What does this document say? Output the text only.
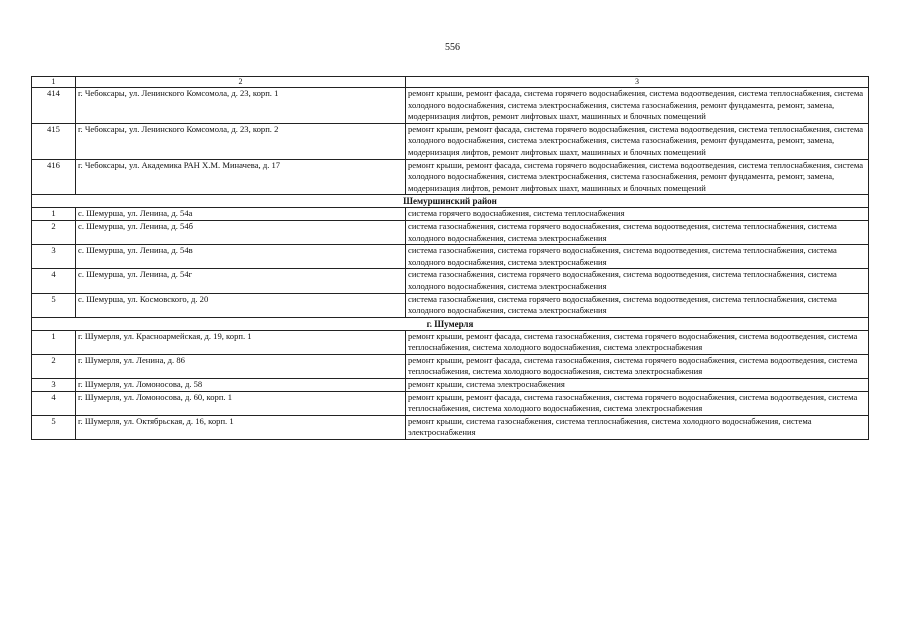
556
1	2	3
414	г. Чебоксары, ул. Ленинского Комсомола, д. 23, корп. 1	ремонт крыши, ремонт фасада, система горячего водоснабжения, система водоотведения, система теплоснабжения, система холодного водоснабжения, система электроснабжения, система газоснабжения, ремонт фундамента, ремонт, замена, модернизация лифтов, ремонт лифтовых шахт, машинных и блочных помещений
415	г. Чебоксары, ул. Ленинского Комсомола, д. 23, корп. 2	ремонт крыши, ремонт фасада, система горячего водоснабжения, система водоотведения, система теплоснабжения, система холодного водоснабжения, система электроснабжения, система газоснабжения, ремонт фундамента, ремонт, замена, модернизация лифтов, ремонт лифтовых шахт, машинных и блочных помещений
416	г. Чебоксары, ул. Академика РАН Х.М. Миначева, д. 17	ремонт крыши, ремонт фасада, система горячего водоснабжения, система водоотведения, система теплоснабжения, система холодного водоснабжения, система электроснабжения, система газоснабжения, ремонт фундамента, ремонт, замена, модернизация лифтов, ремонт лифтовых шахт, машинных и блочных помещений
Шемуршинский район		
1	с. Шемурша, ул. Ленина, д. 54а	система горячего водоснабжения, система теплоснабжения
2	с. Шемурша, ул. Ленина, д. 54б	система газоснабжения, система горячего водоснабжения, система водоотведения, система теплоснабжения, система холодного водоснабжения, система электроснабжения
3	с. Шемурша, ул. Ленина, д. 54в	система газоснабжения, система горячего водоснабжения, система водоотведения, система теплоснабжения, система холодного водоснабжения, система электроснабжения
4	с. Шемурша, ул. Ленина, д. 54г	система газоснабжения, система горячего водоснабжения, система водоотведения, система теплоснабжения, система холодного водоснабжения, система электроснабжения
5	с. Шемурша, ул. Космовского, д. 20	система газоснабжения, система горячего водоснабжения, система водоотведения, система теплоснабжения, система холодного водоснабжения, система электроснабжения
г. Шумерля		
1	г. Шумерля, ул. Красноармейская, д. 19, корп. 1	ремонт крыши, ремонт фасада, система газоснабжения, система горячего водоснабжения, система водоотведения, система теплоснабжения, система холодного водоснабжения, система электроснабжения
2	г. Шумерля, ул. Ленина, д. 86	ремонт крыши, ремонт фасада, система газоснабжения, система горячего водоснабжения, система водоотведения, система теплоснабжения, система холодного водоснабжения, система электроснабжения
3	г. Шумерля, ул. Ломоносова, д. 58	ремонт крыши, система электроснабжения
4	г. Шумерля, ул. Ломоносова, д. 60, корп. 1	ремонт крыши, ремонт фасада, система газоснабжения, система горячего водоснабжения, система водоотведения, система теплоснабжения, система холодного водоснабжения, система электроснабжения
5	г. Шумерля, ул. Октябрьская, д. 16, корп. 1	ремонт крыши, система газоснабжения, система теплоснабжения, система холодного водоснабжения, система электроснабжения
